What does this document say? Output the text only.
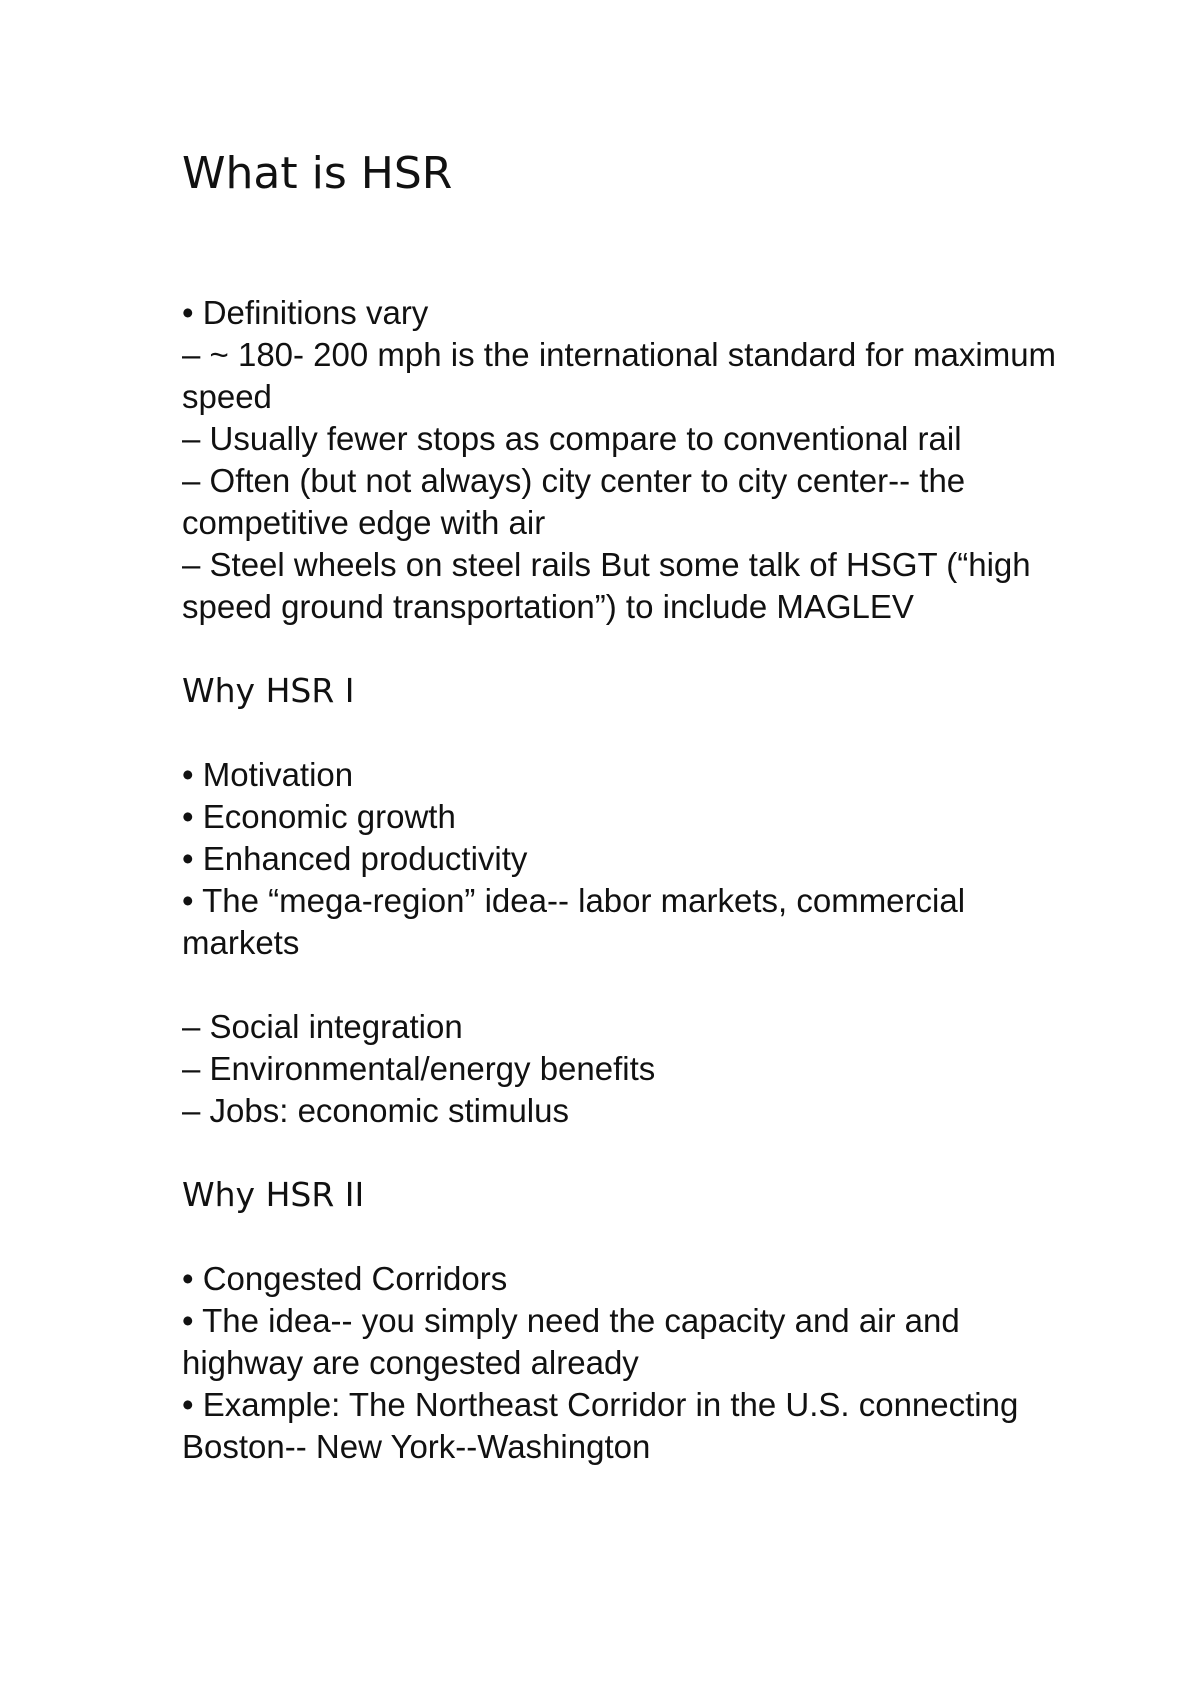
What is HSR

• Definitions vary

– ~ 180- 200 mph is the international standard for maximum speed

– Usually fewer stops as compare to conventional rail

– Often (but not always) city center to city center-- the competitive edge with air

– Steel wheels on steel rails But some talk of HSGT (“high speed ground transportation”) to include MAGLEV

Why HSR I

• Motivation

• Economic growth

• Enhanced productivity

• The “mega-region” idea-- labor markets, commercial markets

– Social integration

– Environmental/energy benefits

– Jobs: economic stimulus

Why HSR II

• Congested Corridors

• The idea-- you simply need the capacity and air and highway are congested already

• Example: The Northeast Corridor in the U.S. connecting Boston-- New York--Washington
